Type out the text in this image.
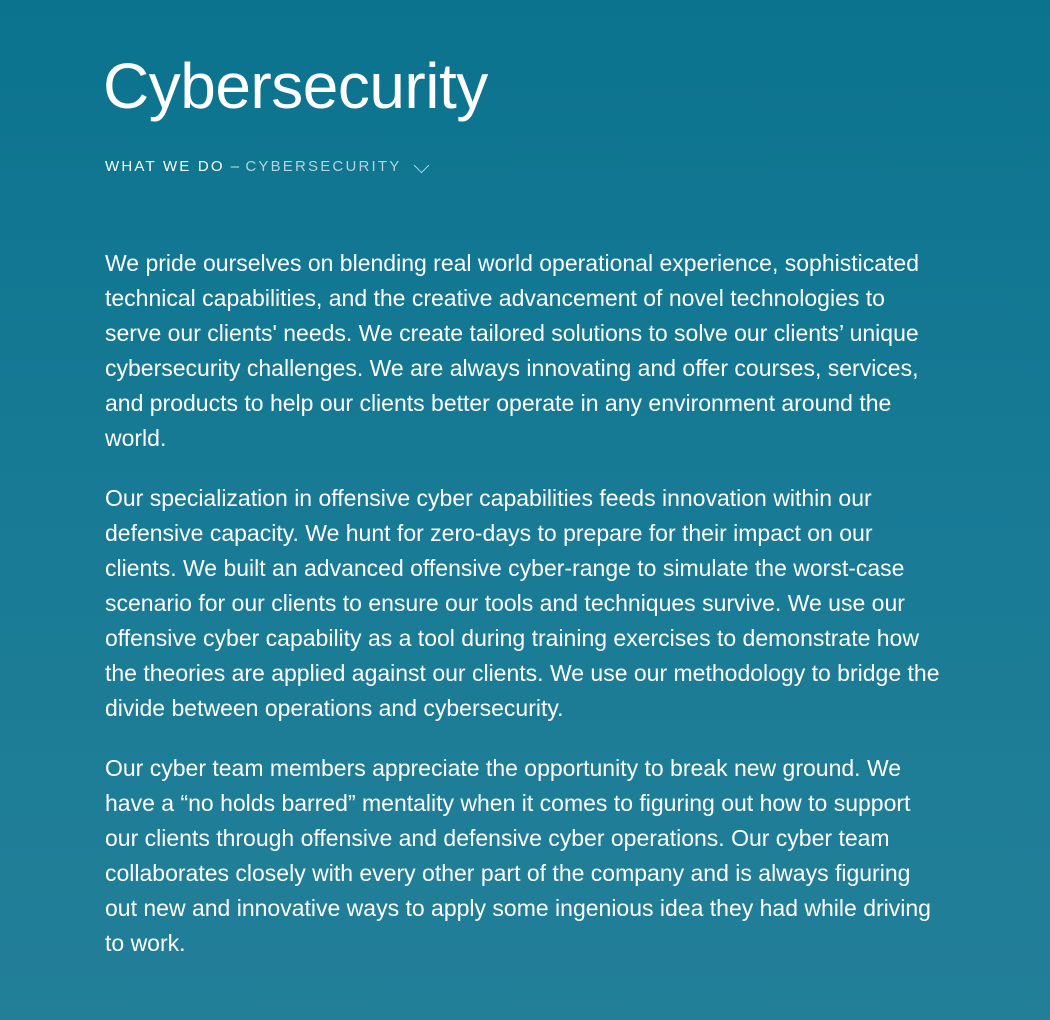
Cybersecurity
WHAT WE DO – CYBERSECURITY

We pride ourselves on blending real world operational experience, sophisticated technical capabilities, and the creative advancement of novel technologies to serve our clients' needs. We create tailored solutions to solve our clients’ unique cybersecurity challenges. We are always innovating and offer courses, services, and products to help our clients better operate in any environment around the world.

Our specialization in offensive cyber capabilities feeds innovation within our defensive capacity. We hunt for zero-days to prepare for their impact on our clients. We built an advanced offensive cyber-range to simulate the worst-case scenario for our clients to ensure our tools and techniques survive. We use our offensive cyber capability as a tool during training exercises to demonstrate how the theories are applied against our clients. We use our methodology to bridge the divide between operations and cybersecurity.

Our cyber team members appreciate the opportunity to break new ground. We have a “no holds barred” mentality when it comes to figuring out how to support our clients through offensive and defensive cyber operations. Our cyber team collaborates closely with every other part of the company and is always figuring out new and innovative ways to apply some ingenious idea they had while driving to work.
